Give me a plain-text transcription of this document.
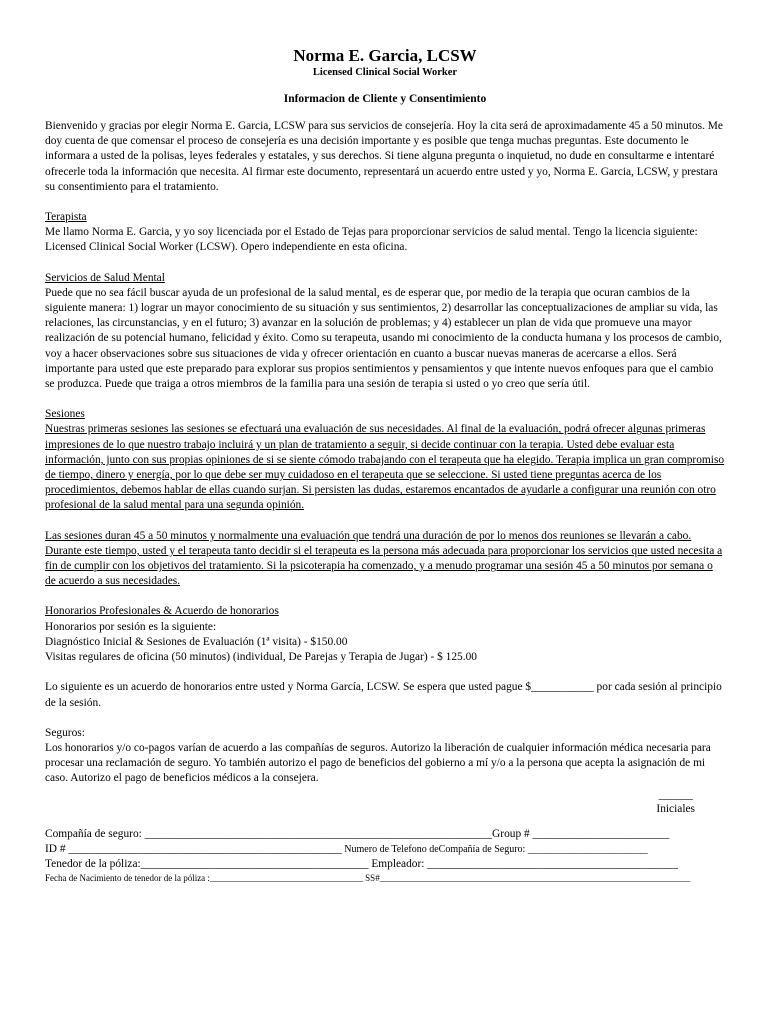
Norma E. Garcia, LCSW
Licensed Clinical Social Worker
Informacion de Cliente y Consentimiento

Bienvenido y gracias por elegir Norma E. Garcia, LCSW para sus servicios de consejería. Hoy la cita será de aproximadamente 45 a 50 minutos. Me doy cuenta de que comensar el proceso de consejería es una decisión importante y es posible que tenga muchas preguntas. Este documento le informara a usted de la polisas, leyes federales y estatales, y sus derechos. Si tiene alguna pregunta o inquietud, no dude en consultarme e intentaré ofrecerle toda la información que necesita. Al firmar este documento, representará un acuerdo entre usted y yo, Norma E. Garcia, LCSW, y prestara su consentimiento para el tratamiento.

Terapista

Me llamo Norma E. Garcia, y yo soy licenciada por el Estado de Tejas para proporcionar servicios de salud mental. Tengo la licencia siguiente: Licensed Clinical Social Worker (LCSW). Opero independiente en esta oficina.

Servicios de Salud Mental

Puede que no sea fácil buscar ayuda de un profesional de la salud mental, es de esperar que, por medio de la terapia que ocuran cambios de la siguiente manera: 1) lograr un mayor conocimiento de su situación y sus sentimientos, 2) desarrollar las conceptualizaciones de ampliar su vida, las relaciones, las circunstancias, y en el futuro; 3) avanzar en la solución de problemas; y 4) establecer un plan de vida que promueve una mayor realización de su potencial humano, felicidad y éxito. Como su terapeuta, usando mi conocimiento de la conducta humana y los procesos de cambio, voy a hacer observaciones sobre sus situaciones de vida y ofrecer orientación en cuanto a buscar nuevas maneras de acercarse a ellos. Será importante para usted que este preparado para explorar sus propios sentimientos y pensamientos y que intente nuevos enfoques para que el cambio se produzca. Puede que traiga a otros miembros de la familia para una sesión de terapia si usted o yo creo que sería útil.

Sesiones

Nuestras primeras sesiones las sesiones se efectuará una evaluación de sus necesidades. Al final de la evaluación, podrá ofrecer algunas primeras impresiones de lo que nuestro trabajo incluirá y un plan de tratamiento a seguir, si decide continuar con la terapia. Usted debe evaluar esta información, junto con sus propias opiniones de si se siente cómodo trabajando con el terapeuta que ha elegido. Terapia implica un gran compromiso de tiempo, dinero y energía, por lo que debe ser muy cuidadoso en el terapeuta que se seleccione. Si usted tiene preguntas acerca de los procedimientos, debemos hablar de ellas cuando surjan. Si persisten las dudas, estaremos encantados de ayudarle a configurar una reunión con otro profesional de la salud mental para una segunda opinión.

Las sesiones duran 45 a 50 minutos y normalmente una evaluación que tendrá una duración de por lo menos dos reuniones se llevarán a cabo. Durante este tiempo, usted y el terapeuta tanto decidir si el terapeuta es la persona más adecuada para proporcionar los servicios que usted necesita a fin de cumplir con los objetivos del tratamiento. Si la psicoterapia ha comenzado, y a menudo programar una sesión 45 a 50 minutos por semana o de acuerdo a sus necesidades.

Honorarios Profesionales & Acuerdo de honorarios
Honorarios por sesión es la siguiente:
Diagnóstico Inicial & Sesiones de Evaluación (1ª visita) - $150.00
Visitas regulares de oficina (50 minutos) (individual, De Parejas y Terapia de Jugar) - $ 125.00

Lo siguiente es un acuerdo de honorarios entre usted y Norma García, LCSW. Se espera que usted pague $___________ por cada sesión al principio de la sesión.

Seguros:

Los honorarios y/o co-pagos varían de acuerdo a las compañías de seguros. Autorizo la liberación de cualquier información médica necesaria para procesar una reclamación de seguro. Yo también autorizo el pago de beneficios del gobierno a mí y/o a la persona que acepta la asignación de mi caso. Autorizo el pago de beneficios médicos a la consejera.

______
Iniciales
Compañía de seguro: _____________________________________________________________Group # ________________________
ID # ________________________________________________ Numero de Telefono deCompañía de Seguro: ________________________
Tenedor de la póliza:________________________________________ Empleador: ____________________________________________
Fecha de Nacimiento de tenedor de la póliza :__________________________________ SS#_____________________________________________________________________
